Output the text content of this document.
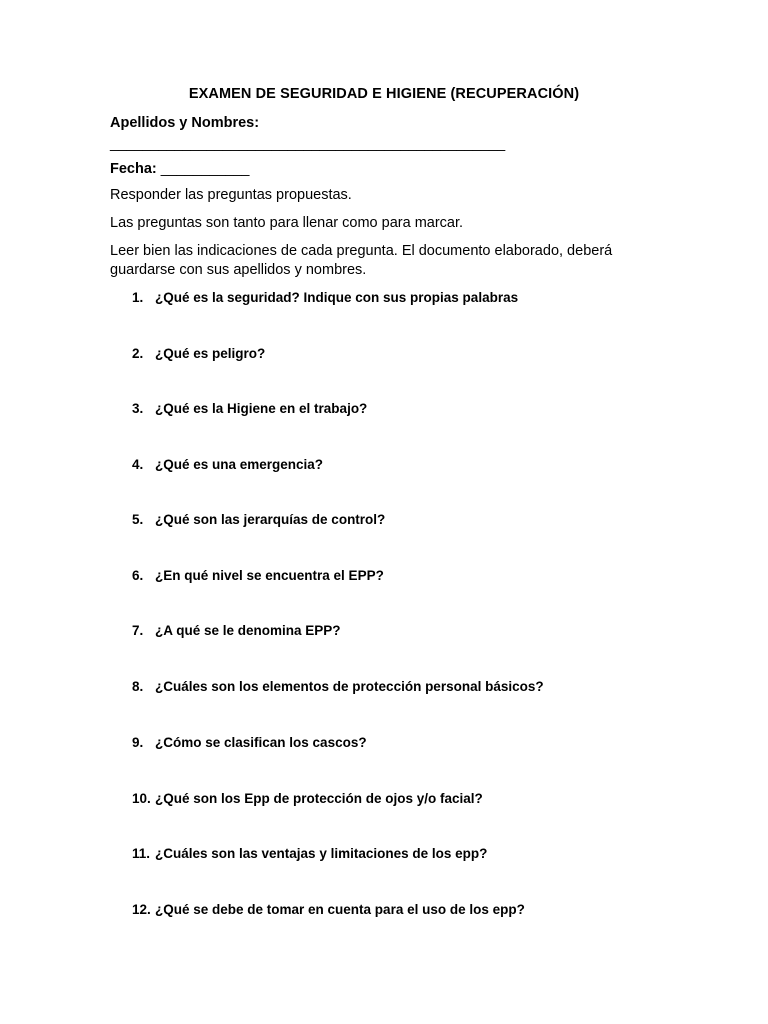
EXAMEN DE SEGURIDAD E HIGIENE (RECUPERACIÓN)
Apellidos y Nombres:
_________________________________________________
Fecha: ___________
Responder las preguntas propuestas.
Las preguntas son tanto para llenar como para marcar.
Leer bien las indicaciones de cada pregunta. El documento elaborado, deberá guardarse con sus apellidos y nombres.
1. ¿Qué es la seguridad? Indique con sus propias palabras
2. ¿Qué es peligro?
3. ¿Qué es la Higiene en el trabajo?
4. ¿Qué es una emergencia?
5. ¿Qué son las jerarquías de control?
6. ¿En qué nivel se encuentra el EPP?
7. ¿A qué se le denomina EPP?
8. ¿Cuáles son los elementos de protección personal básicos?
9. ¿Cómo se clasifican los cascos?
10. ¿Qué son los Epp de protección de ojos y/o facial?
11. ¿Cuáles son las ventajas y limitaciones de los epp?
12. ¿Qué se debe de tomar en cuenta para el uso de los epp?
